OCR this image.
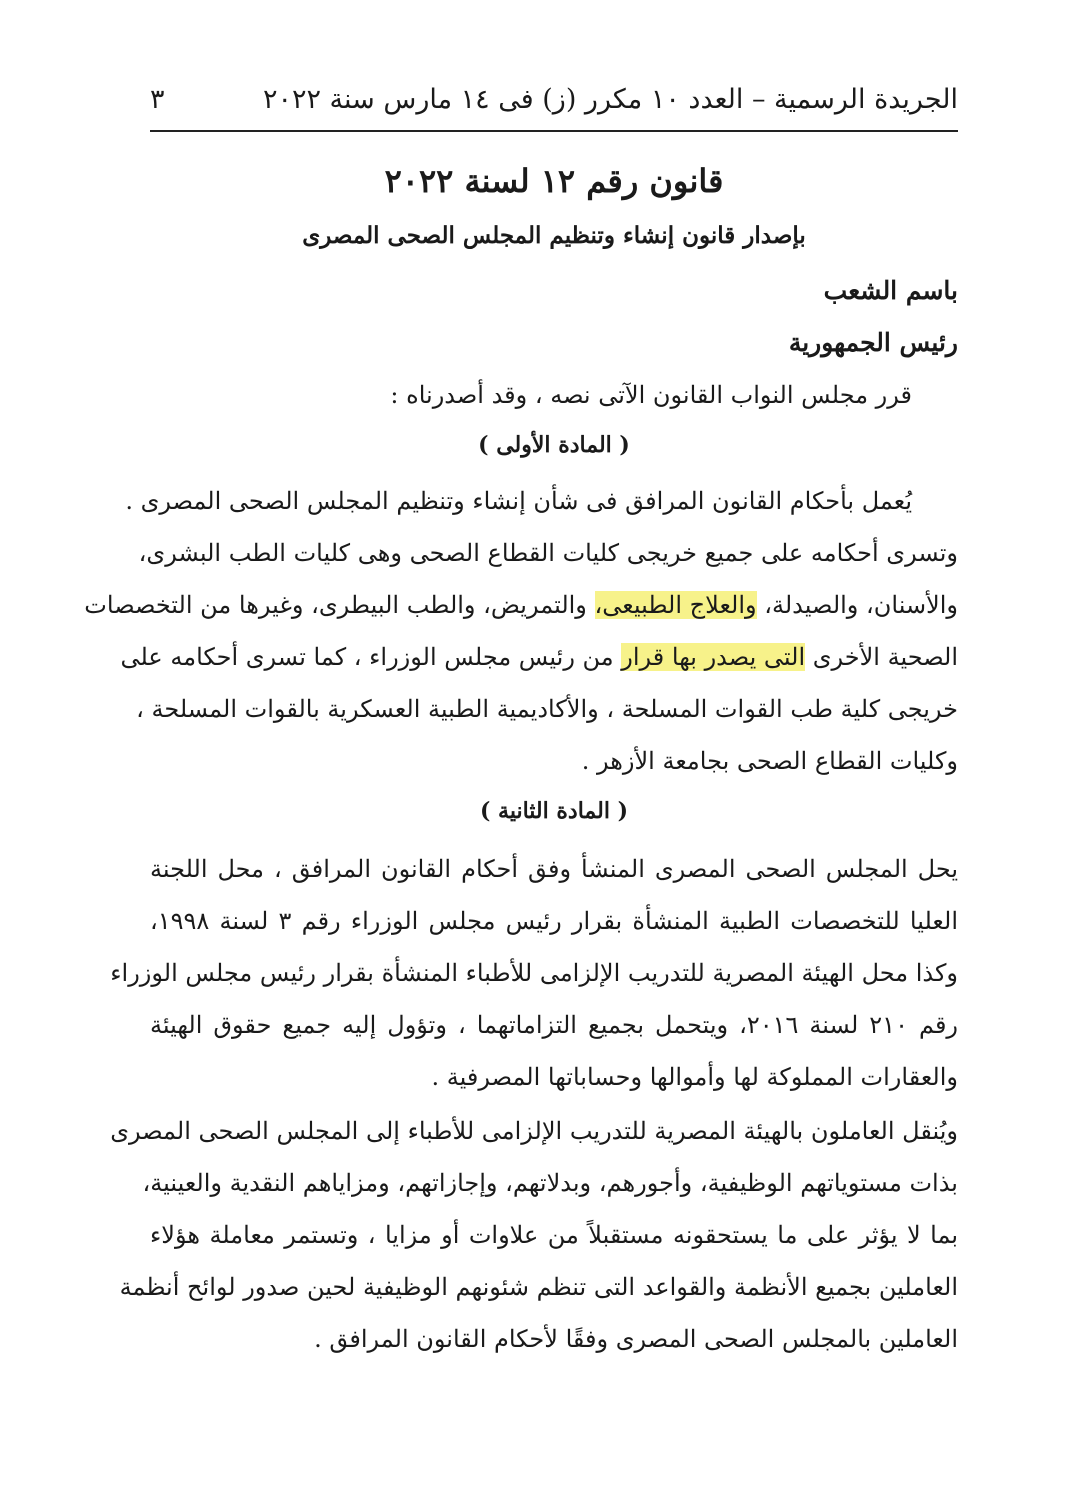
الجريدة الرسمية – العدد ١٠ مكرر (ز) فى ١٤ مارس سنة ٢٠٢٢
٣
قانون رقم ١٢ لسنة ٢٠٢٢
بإصدار قانون إنشاء وتنظيم المجلس الصحى المصرى
باسم الشعب
رئيس الجمهورية
قرر مجلس النواب القانون الآتى نصه ، وقد أصدرناه :
( المادة الأولى )
يُعمل بأحكام القانون المرافق فى شأن إنشاء وتنظيم المجلس الصحى المصرى .
وتسرى أحكامه على جميع خريجى كليات القطاع الصحى وهى كليات الطب البشرى،
والأسنان، والصيدلة، والعلاج الطبيعى، والتمريض، والطب البيطرى، وغيرها من التخصصات
الصحية الأخرى التى يصدر بها قرار من رئيس مجلس الوزراء ، كما تسرى أحكامه على
خريجى كلية طب القوات المسلحة ، والأكاديمية الطبية العسكرية بالقوات المسلحة ،
وكليات القطاع الصحى بجامعة الأزهر .
( المادة الثانية )
يحل المجلس الصحى المصرى المنشأ وفق أحكام القانون المرافق ، محل اللجنة
العليا للتخصصات الطبية المنشأة بقرار رئيس مجلس الوزراء رقم ٣ لسنة ١٩٩٨،
وكذا محل الهيئة المصرية للتدريب الإلزامى للأطباء المنشأة بقرار رئيس مجلس الوزراء
رقم ٢١٠ لسنة ٢٠١٦، ويتحمل بجميع التزاماتهما ، وتؤول إليه جميع حقوق الهيئة
والعقارات المملوكة لها وأموالها وحساباتها المصرفية .
ويُنقل العاملون بالهيئة المصرية للتدريب الإلزامى للأطباء إلى المجلس الصحى المصرى
بذات مستوياتهم الوظيفية، وأجورهم، وبدلاتهم، وإجازاتهم، ومزاياهم النقدية والعينية،
بما لا يؤثر على ما يستحقونه مستقبلاً من علاوات أو مزايا ، وتستمر معاملة هؤلاء
العاملين بجميع الأنظمة والقواعد التى تنظم شئونهم الوظيفية لحين صدور لوائح أنظمة
العاملين بالمجلس الصحى المصرى وفقًا لأحكام القانون المرافق .
